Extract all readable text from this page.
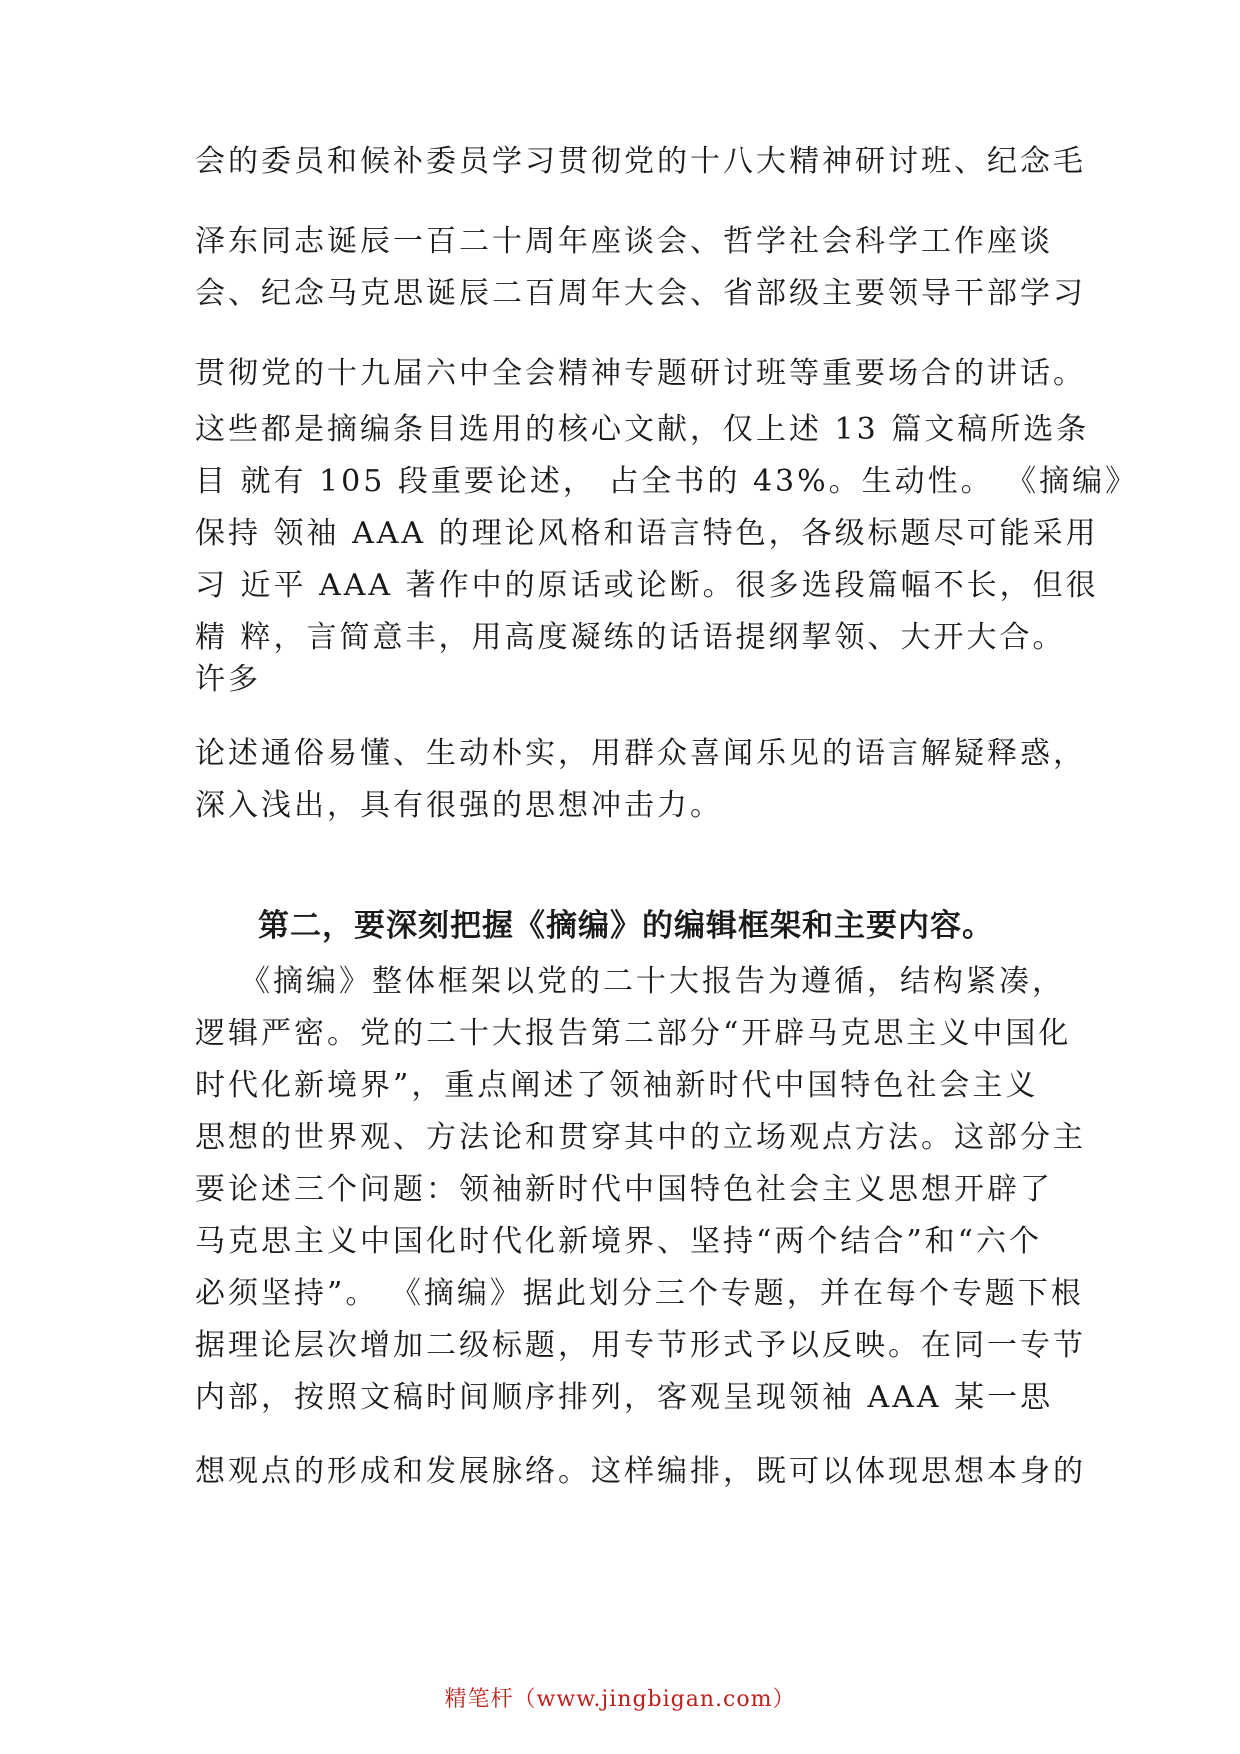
会的委员和候补委员学习贯彻党的十八大精神研讨班、纪念毛
泽东同志诞辰一百二十周年座谈会、哲学社会科学工作座谈
会、纪念马克思诞辰二百周年大会、省部级主要领导干部学习
贯彻党的十九届六中全会精神专题研讨班等重要场合的讲话。
这些都是摘编条目选用的核心文献，仅上述 13 篇文稿所选条
目 就有 105 段重要论述， 占全书的 43%。生动性。 《摘编》
保持 领袖 AAA 的理论风格和语言特色，各级标题尽可能采用
习 近平 AAA 著作中的原话或论断。很多选段篇幅不长，但很
精 粹，言简意丰，用高度凝练的话语提纲挈领、大开大合。
许多
论述通俗易懂、生动朴实，用群众喜闻乐见的语言解疑释惑，
深入浅出，具有很强的思想冲击力。
第二，要深刻把握《摘编》的编辑框架和主要内容。
《摘编》整体框架以党的二十大报告为遵循，结构紧凑，
逻辑严密。党的二十大报告第二部分“开辟马克思主义中国化
时代化新境界”，重点阐述了领袖新时代中国特色社会主义
思想的世界观、方法论和贯穿其中的立场观点方法。这部分主
要论述三个问题：领袖新时代中国特色社会主义思想开辟了
马克思主义中国化时代化新境界、坚持“两个结合”和“六个
必须坚持”。 《摘编》据此划分三个专题，并在每个专题下根
据理论层次增加二级标题，用专节形式予以反映。在同一专节
内部，按照文稿时间顺序排列，客观呈现领袖 AAA 某一思
想观点的形成和发展脉络。这样编排，既可以体现思想本身的
精笔杆（www.jingbigan.com）
